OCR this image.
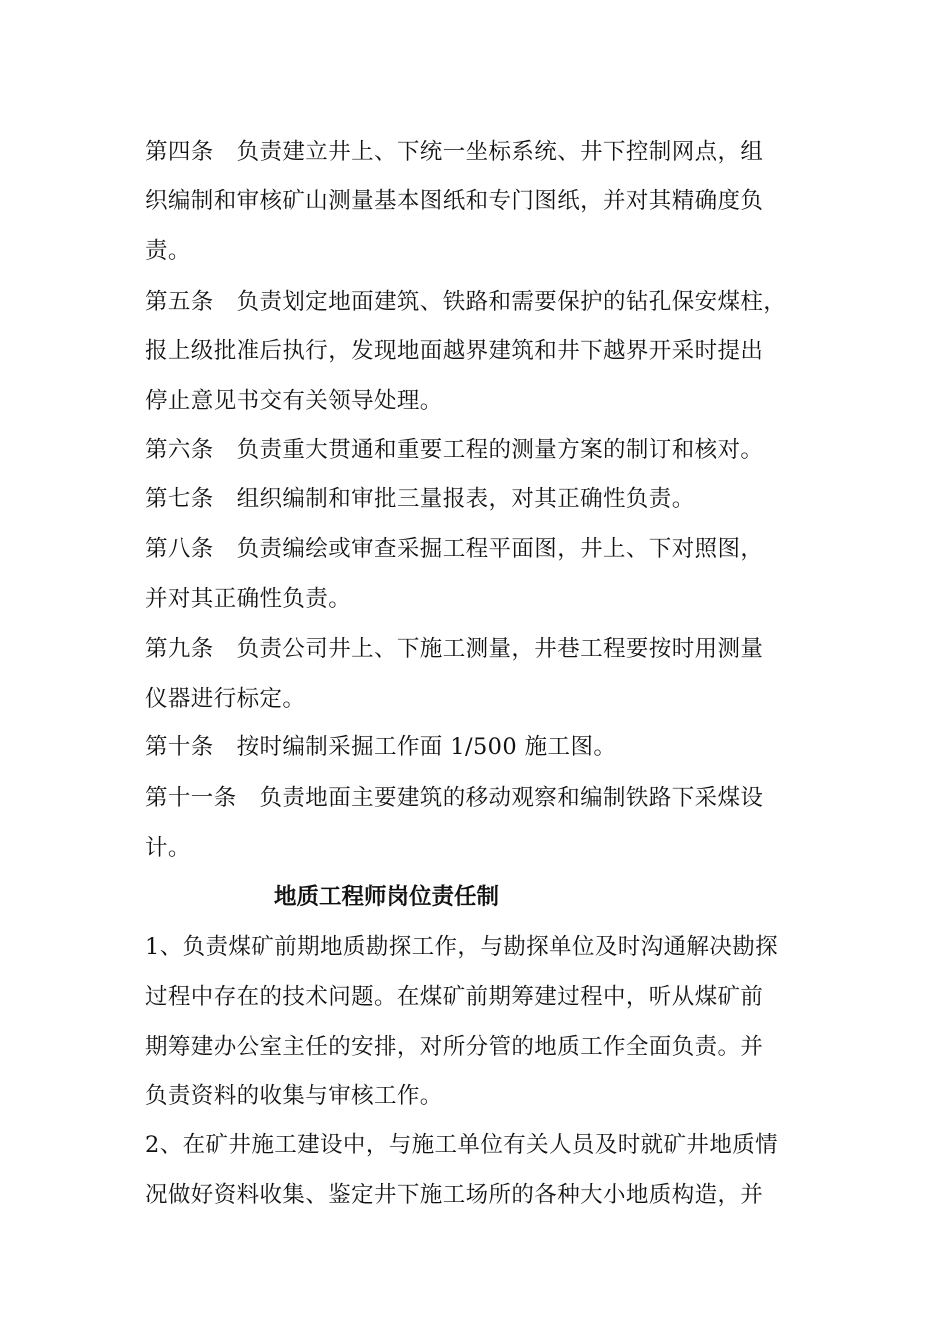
第四条　负责建立井上、下统一坐标系统、井下控制网点，组

织编制和审核矿山测量基本图纸和专门图纸，并对其精确度负

责。

第五条　负责划定地面建筑、铁路和需要保护的钻孔保安煤柱，

报上级批准后执行，发现地面越界建筑和井下越界开采时提出

停止意见书交有关领导处理。

第六条　负责重大贯通和重要工程的测量方案的制订和核对。

第七条　组织编制和审批三量报表，对其正确性负责。

第八条　负责编绘或审查采掘工程平面图，井上、下对照图，

并对其正确性负责。

第九条　负责公司井上、下施工测量，井巷工程要按时用测量

仪器进行标定。

第十条　按时编制采掘工作面 1/500 施工图。

第十一条　负责地面主要建筑的移动观察和编制铁路下采煤设

计。

地质工程师岗位责任制

1、负责煤矿前期地质勘探工作，与勘探单位及时沟通解决勘探

过程中存在的技术问题。在煤矿前期筹建过程中，听从煤矿前

期筹建办公室主任的安排，对所分管的地质工作全面负责。并

负责资料的收集与审核工作。

2、在矿井施工建设中，与施工单位有关人员及时就矿井地质情

况做好资料收集、鉴定井下施工场所的各种大小地质构造，并
